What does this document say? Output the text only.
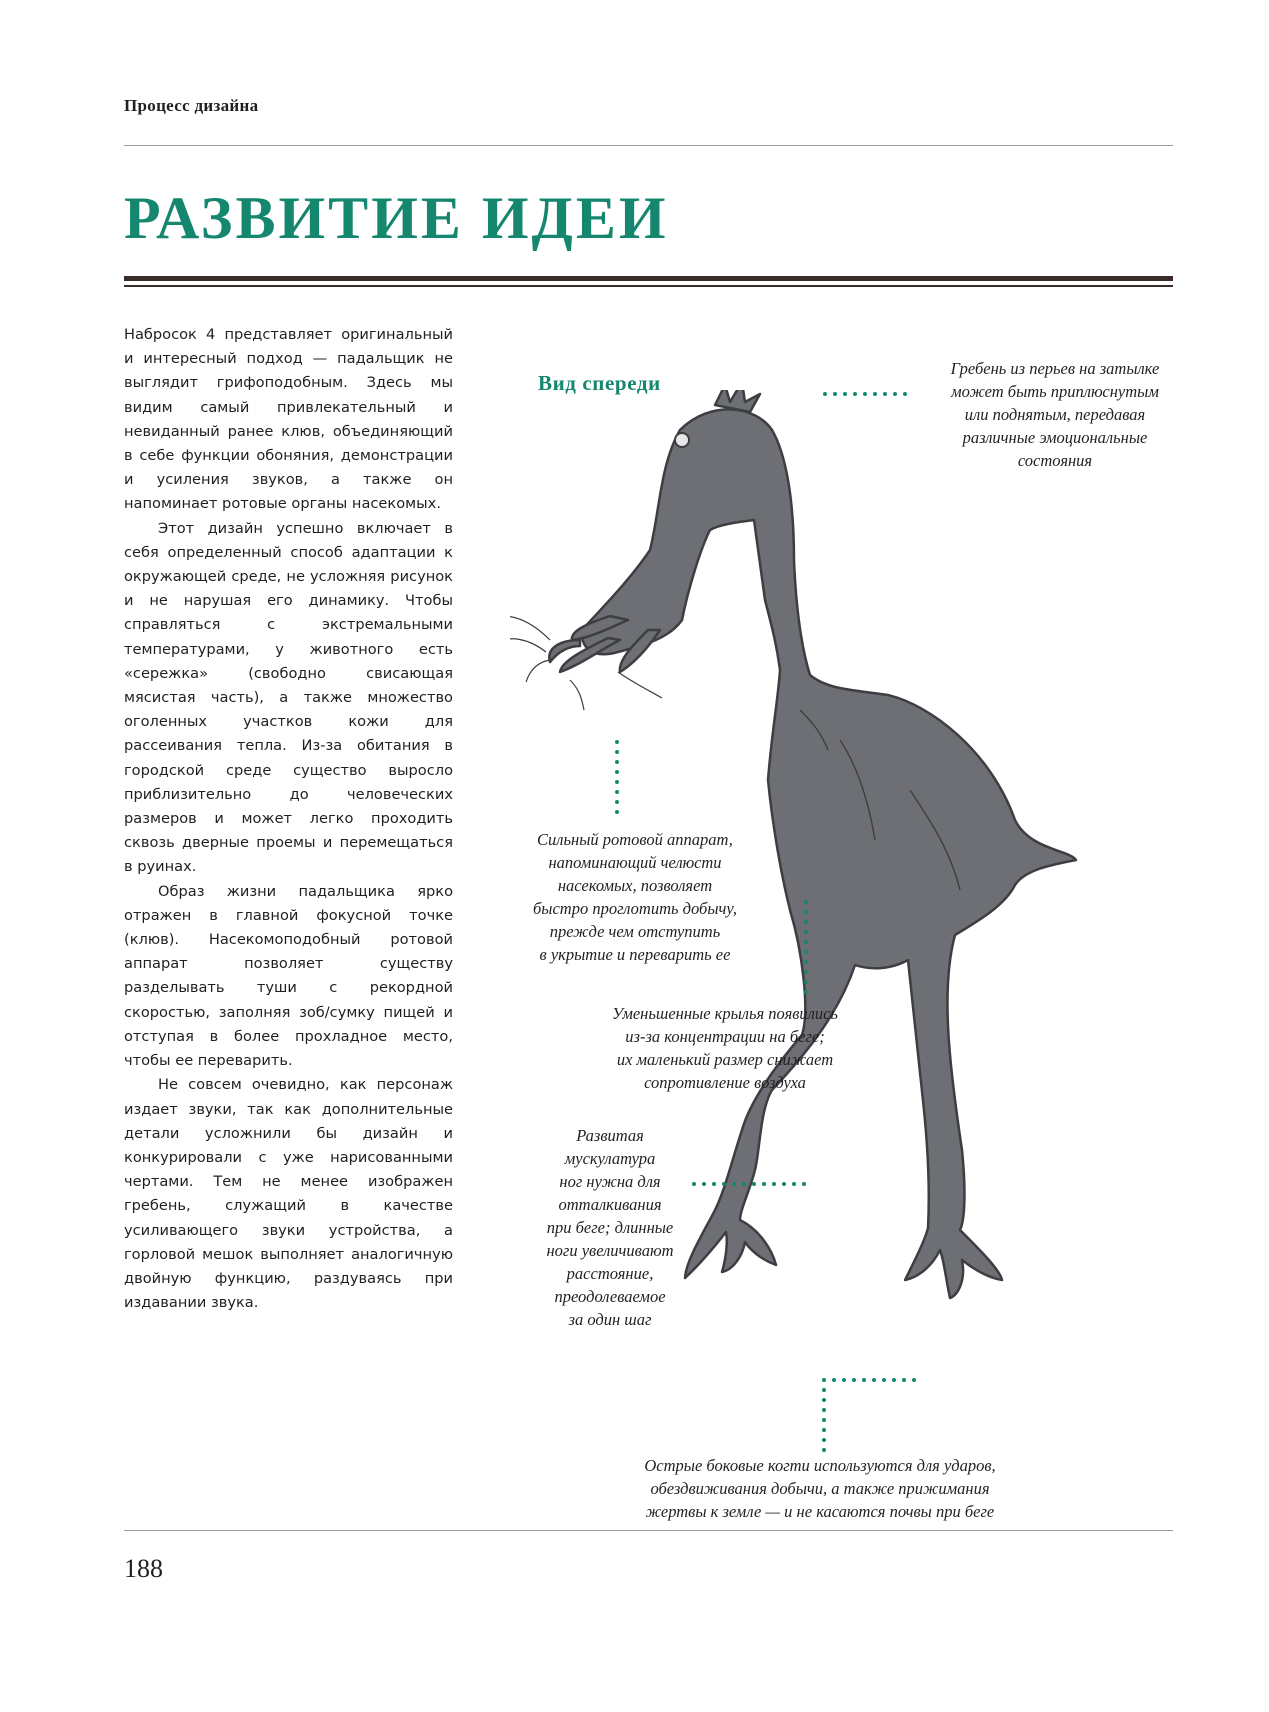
Процесс дизайна
РАЗВИТИЕ ИДЕИ

Набросок 4 представляет оригинальный и интересный подход — падальщик не выглядит грифоподобным. Здесь мы видим самый привлекательный и невиданный ранее клюв, объединяющий в себе функции обоняния, демонстрации и усиления звуков, а также он напоминает ротовые органы насекомых.

Этот дизайн успешно включает в себя определенный способ адаптации к окружающей среде, не усложняя рисунок и не нарушая его динамику. Чтобы справляться с экстремальными температурами, у животного есть «сережка» (свободно свисающая мясистая часть), а также множество оголенных участков кожи для рассеивания тепла. Из-за обитания в городской среде существо выросло приблизительно до человеческих размеров и может легко проходить сквозь дверные проемы и перемещаться в руинах.

Образ жизни падальщика ярко отражен в главной фокусной точке (клюв). Насекомоподобный ротовой аппарат позволяет существу разделывать туши с рекордной скоростью, заполняя зоб/сумку пищей и отступая в более прохладное место, чтобы ее переварить.

Не совсем очевидно, как персонаж издает звуки, так как дополнительные детали усложнили бы дизайн и конкурировали с уже нарисованными чертами. Тем не менее изображен гребень, служащий в качестве усиливающего звуки устройства, а горловой мешок выполняет аналогичную двойную функцию, раздуваясь при издавании звука.

Вид спереди
Гребень из перьев на затылке
может быть приплюснутым
или поднятым, передавая
различные эмоциональные
состояния
Сильный ротовой аппарат,
напоминающий челюсти
насекомых, позволяет
быстро проглотить добычу,
прежде чем отступить
в укрытие и переварить ее
Уменьшенные крылья появились
из-за концентрации на беге;
их маленький размер снижает
сопротивление воздуха
Развитая
мускулатура
ног нужна для
отталкивания
при беге; длинные
ноги увеличивают
расстояние,
преодолеваемое
за один шаг
Острые боковые когти используются для ударов,
обездвиживания добычи, а также прижимания
жертвы к земле — и не касаются почвы при беге
188
